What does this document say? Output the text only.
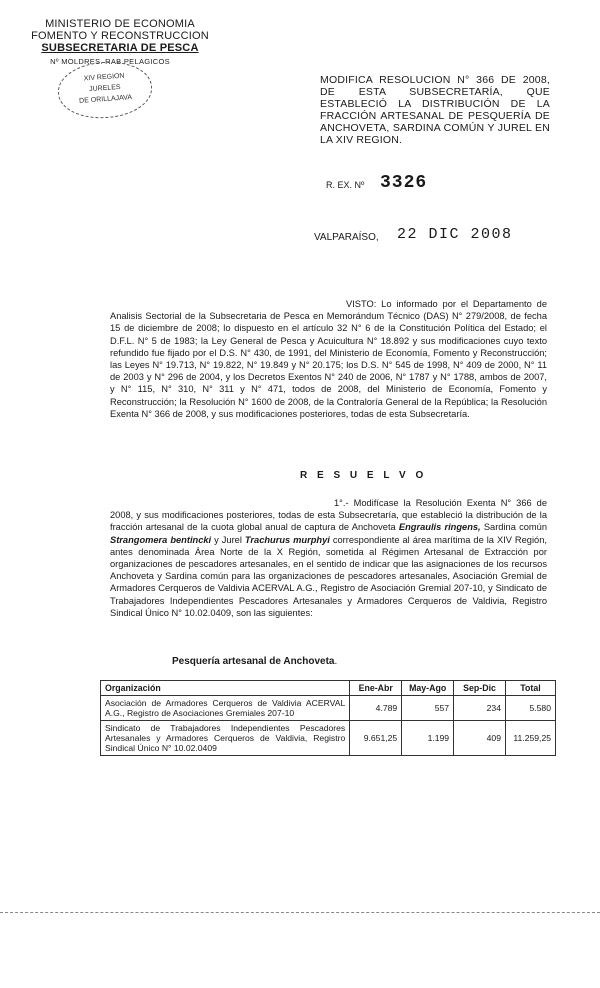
MINISTERIO DE ECONOMIA
FOMENTO Y RECONSTRUCCION
SUBSECRETARIA DE PESCA
Nº MOLDRES. RAB PELAGICOS
XIV REGION
JURELES
DE ORILLAJAVA
MODIFICA RESOLUCION N° 366 DE 2008, DE ESTA SUBSECRETARÍA, QUE ESTABLECIÓ LA DISTRIBUCIÓN DE LA FRACCIÓN ARTESANAL DE PESQUERÍA DE ANCHOVETA, SARDINA COMÚN Y JUREL EN LA XIV REGION.
R. EX. Nº 3326
VALPARAÍSO, 22 DIC 2008
VISTO: Lo informado por el Departamento de Analisis Sectorial de la Subsecretaria de Pesca en Memorándum Técnico (DAS) N° 279/2008, de fecha 15 de diciembre de 2008; lo dispuesto en el artículo 32 N° 6 de la Constitución Política del Estado; el D.F.L. N° 5 de 1983; la Ley General de Pesca y Acuicultura N° 18.892 y sus modificaciones cuyo texto refundido fue fijado por el D.S. N° 430, de 1991, del Ministerio de Economía, Fomento y Reconstrucción; las Leyes N° 19.713, N° 19.822, N° 19.849 y N° 20.175; los D.S. N° 545 de 1998, N° 409 de 2000, N° 11 de 2003 y N° 296 de 2004, y los Decretos Exentos N° 240 de 2006, N° 1787 y N° 1788, ambos de 2007, y N° 115, N° 310, N° 311 y N° 471, todos de 2008, del Ministerio de Economía, Fomento y Reconstrucción; la Resolución N° 1600 de 2008, de la Contraloría General de la República; la Resolución Exenta N° 366 de 2008, y sus modificaciones posteriores, todas de esta Subsecretaría.
R E S U E L V O
1°.- Modifícase la Resolución Exenta N° 366 de 2008, y sus modificaciones posteriores, todas de esta Subsecretaría, que estableció la distribución de la fracción artesanal de la cuota global anual de captura de Anchoveta Engraulis ringens, Sardina común Strangomera bentincki y Jurel Trachurus murphyi correspondiente al área marítima de la XIV Región, antes denominada Área Norte de la X Región, sometida al Régimen Artesanal de Extracción por organizaciones de pescadores artesanales, en el sentido de indicar que las asignaciones de los recursos Anchoveta y Sardina común para las organizaciones de pescadores artesanales, Asociación Gremial de Armadores Cerqueros de Valdivia ACERVAL A.G., Registro de Asociación Gremial 207-10, y Sindicato de Trabajadores Independientes Pescadores Artesanales y Armadores Cerqueros de Valdivia, Registro Sindical Único N° 10.02.0409, son las siguientes:
Pesquería artesanal de Anchoveta.
Organización	Ene-Abr	May-Ago	Sep-Dic	Total
Asociación de Armadores Cerqueros de Valdivia ACERVAL A.G., Registro de Asociaciones Gremiales 207-10	4.789	557	234	5.580
Sindicato de Trabajadores Independientes Pescadores Artesanales y Armadores Cerqueros de Valdivia, Registro Sindical Único N° 10.02.0409	9.651,25	1.199	409	11.259,25
